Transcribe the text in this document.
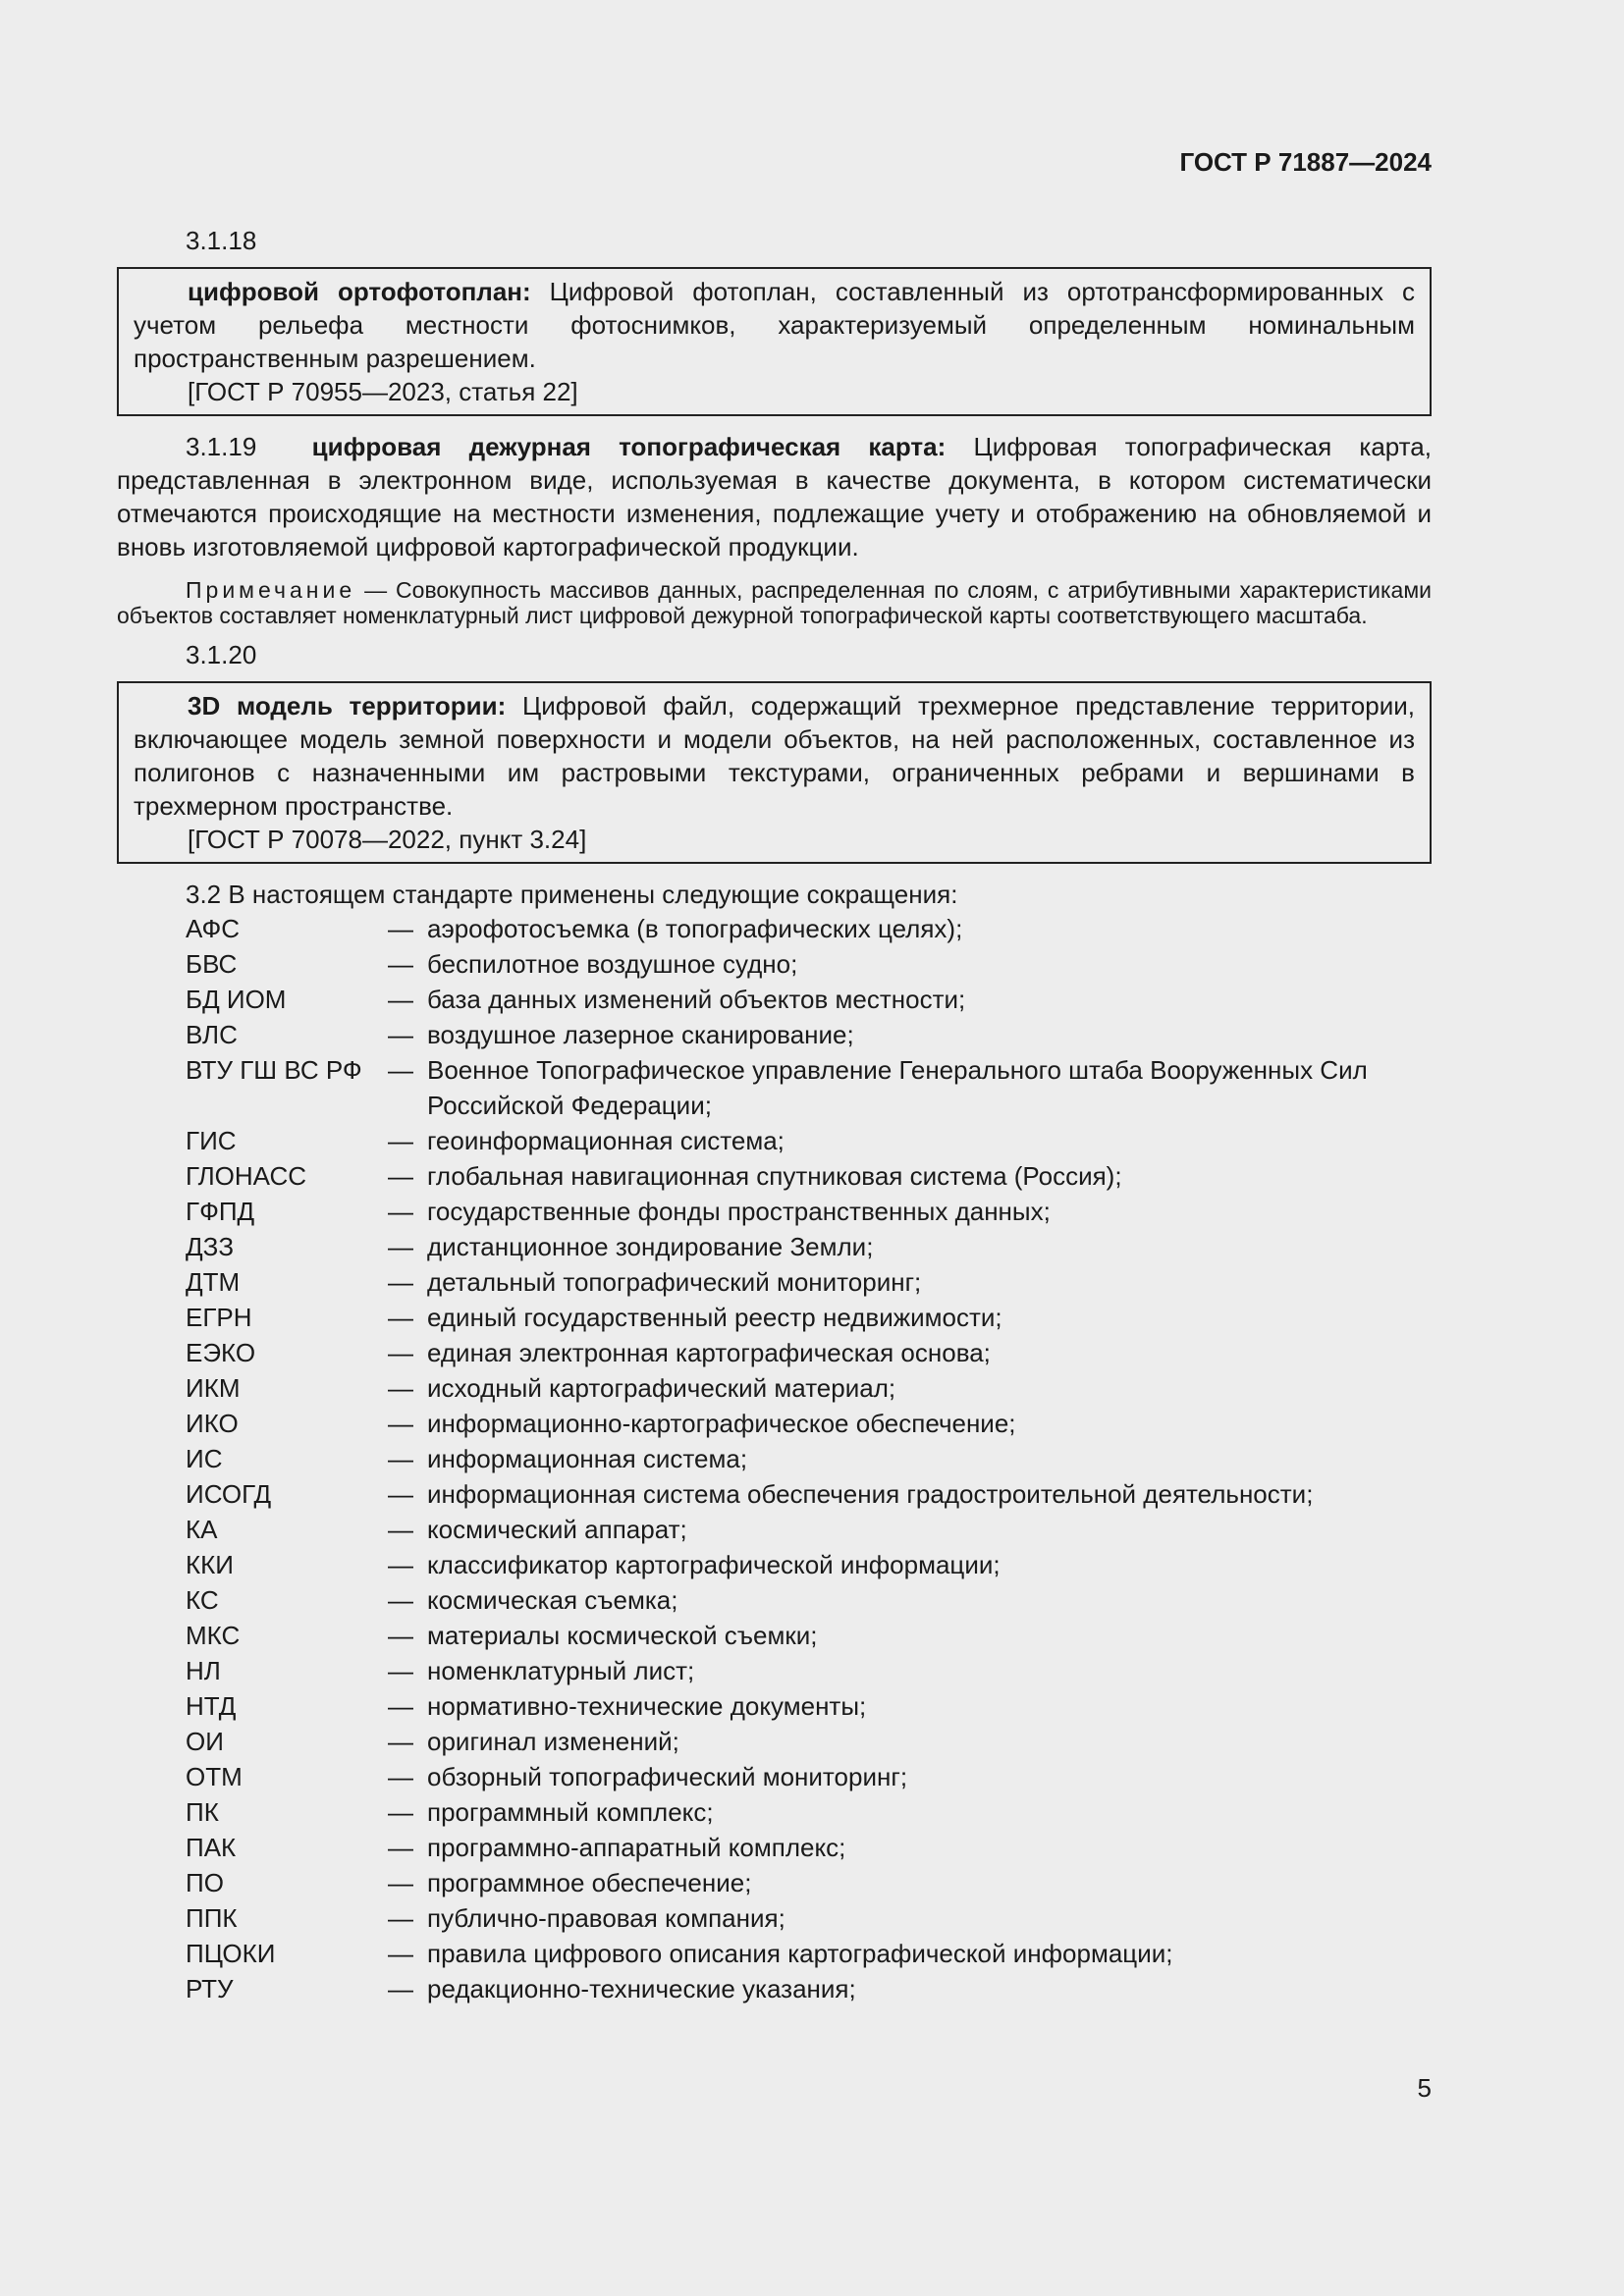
ГОСТ Р 71887—2024

3.1.18

цифровой ортофотоплан: Цифровой фотоплан, составленный из ортотрансформированных с учетом рельефа местности фотоснимков, характеризуемый определенным номинальным пространственным разрешением.

[ГОСТ Р 70955—2023, статья 22]

3.1.19 цифровая дежурная топографическая карта: Цифровая топографическая карта, представленная в электронном виде, используемая в качестве документа, в котором систематически отмечаются происходящие на местности изменения, подлежащие учету и отображению на обновляемой и вновь изготовляемой цифровой картографической продукции.

Примечание — Совокупность массивов данных, распределенная по слоям, с атрибутивными характеристиками объектов составляет номенклатурный лист цифровой дежурной топографической карты соответствующего масштаба.

3.1.20

3D модель территории: Цифровой файл, содержащий трехмерное представление территории, включающее модель земной поверхности и модели объектов, на ней расположенных, составленное из полигонов с назначенными им растровыми текстурами, ограниченных ребрами и вершинами в трехмерном пространстве.

[ГОСТ Р 70078—2022, пункт 3.24]

3.2 В настоящем стандарте применены следующие сокращения:

АФС	— аэрофотосъемка (в топографических целях);
БВС	— беспилотное воздушное судно;
БД ИОМ	— база данных изменений объектов местности;
ВЛС	— воздушное лазерное сканирование;
ВТУ ГШ ВС РФ	— Военное Топографическое управление Генерального штаба Вооруженных Сил Российской Федерации;
ГИС	— геоинформационная система;
ГЛОНАСС	— глобальная навигационная спутниковая система (Россия);
ГФПД	— государственные фонды пространственных данных;
ДЗЗ	— дистанционное зондирование Земли;
ДТМ	— детальный топографический мониторинг;
ЕГРН	— единый государственный реестр недвижимости;
ЕЭКО	— единая электронная картографическая основа;
ИКМ	— исходный картографический материал;
ИКО	— информационно-картографическое обеспечение;
ИС	— информационная система;
ИСОГД	— информационная система обеспечения градостроительной деятельности;
КА	— космический аппарат;
ККИ	— классификатор картографической информации;
КС	— космическая съемка;
МКС	— материалы космической съемки;
НЛ	— номенклатурный лист;
НТД	— нормативно-технические документы;
ОИ	— оригинал изменений;
ОТМ	— обзорный топографический мониторинг;
ПК	— программный комплекс;
ПАК	— программно-аппаратный комплекс;
ПО	— программное обеспечение;
ППК	— публично-правовая компания;
ПЦОКИ	— правила цифрового описания картографической информации;
РТУ	— редакционно-технические указания;
5
